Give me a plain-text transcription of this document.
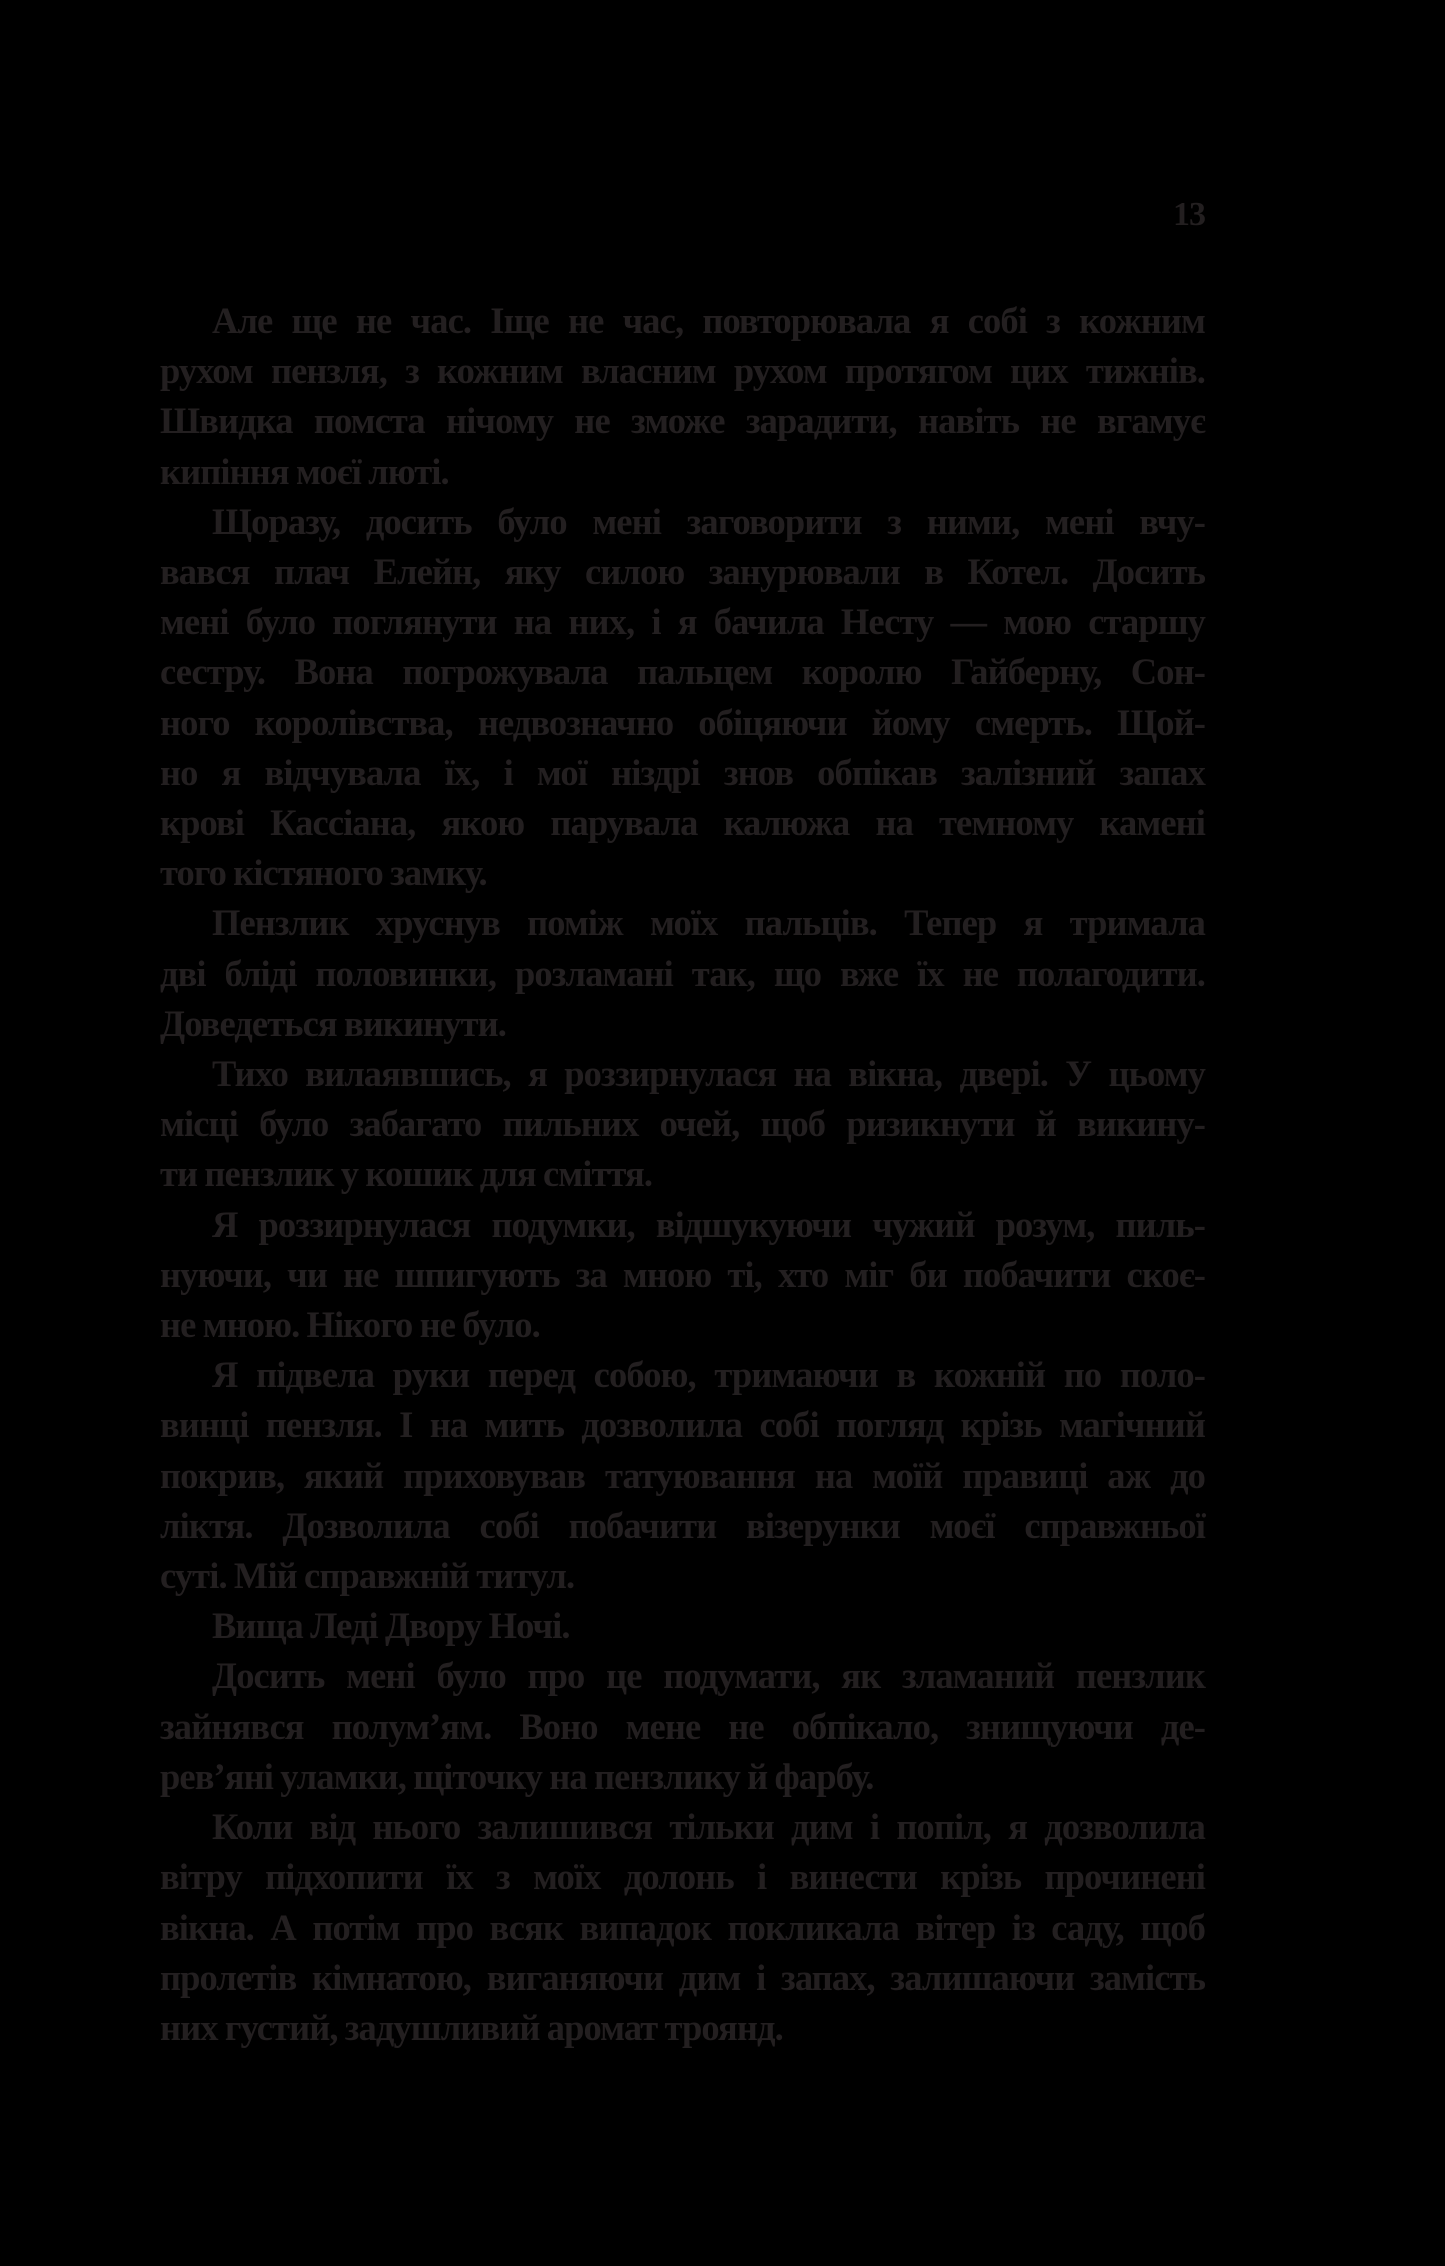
13

Але ще не час. Іще не час, повторювала я собі з кожним
рухом пензля, з кожним власним рухом протягом цих тижнів.
Швидка помста нічому не зможе зарадити, навіть не вгамує
кипіння моєї люті.

Щоразу, досить було мені заговорити з ними, мені вчу-
вався плач Елейн, яку силою занурювали в Котел. Досить
мені було поглянути на них, і я бачила Несту — мою старшу
сестру. Вона погрожувала пальцем королю Гайберну, Сон-
ного королівства, недвозначно обіцяючи йому смерть. Щой-
но я відчувала їх, і мої ніздрі знов обпікав залізний запах
крові Кассіана, якою парувала калюжа на темному камені
того кістяного замку.

Пензлик хруснув поміж моїх пальців. Тепер я тримала
дві бліді половинки, розламані так, що вже їх не полагодити.
Доведеться викинути.

Тихо вилаявшись, я роззирнулася на вікна, двері. У цьому
місці було забагато пильних очей, щоб ризикнути й викину-
ти пензлик у кошик для сміття.

Я роззирнулася подумки, відшукуючи чужий розум, пиль-
нуючи, чи не шпигують за мною ті, хто міг би побачити скоє-
не мною. Нікого не було.

Я підвела руки перед собою, тримаючи в кожній по поло-
винці пензля. І на мить дозволила собі погляд крізь магічний
покрив, який приховував татуювання на моїй правиці аж до
ліктя. Дозволила собі побачити візерунки моєї справжньої
суті. Мій справжній титул.

Вища Леді Двору Ночі.

Досить мені було про це подумати, як зламаний пензлик
зайнявся полум’ям. Воно мене не обпікало, знищуючи де-
рев’яні уламки, щіточку на пензлику й фарбу.

Коли від нього залишився тільки дим і попіл, я дозволила
вітру підхопити їх з моїх долонь і винести крізь прочинені
вікна. А потім про всяк випадок покликала вітер із саду, щоб
пролетів кімнатою, виганяючи дим і запах, залишаючи замість
них густий, задушливий аромат троянд.
